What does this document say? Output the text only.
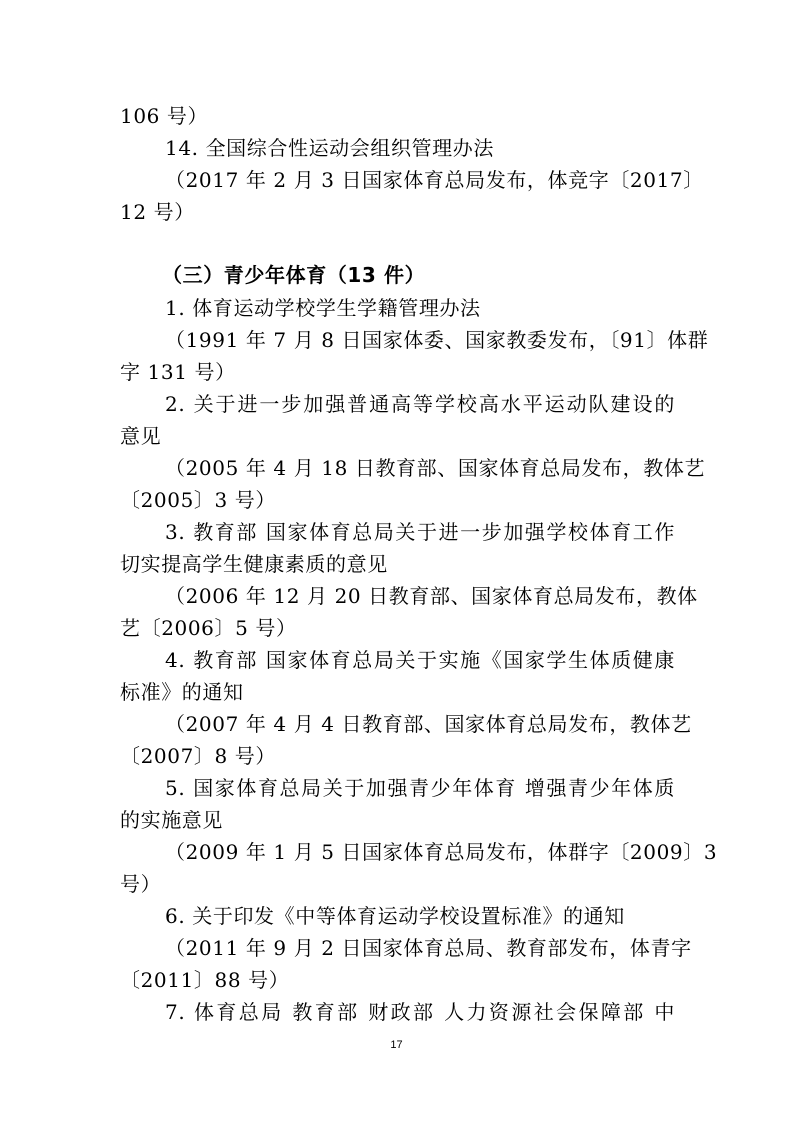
106 号）
14. 全国综合性运动会组织管理办法
（2017 年 2 月 3 日国家体育总局发布，体竞字〔2017〕
12 号）
（三）青少年体育（13 件）
1. 体育运动学校学生学籍管理办法
（1991 年 7 月 8 日国家体委、国家教委发布，〔91〕体群
字 131 号）
2. 关于进一步加强普通高等学校高水平运动队建设的
意见
（2005 年 4 月 18 日教育部、国家体育总局发布，教体艺
〔2005〕3 号）
3. 教育部 国家体育总局关于进一步加强学校体育工作
切实提高学生健康素质的意见
（2006 年 12 月 20 日教育部、国家体育总局发布，教体
艺〔2006〕5 号）
4. 教育部 国家体育总局关于实施《国家学生体质健康
标准》的通知
（2007 年 4 月 4 日教育部、国家体育总局发布，教体艺
〔2007〕8 号）
5. 国家体育总局关于加强青少年体育 增强青少年体质
的实施意见
（2009 年 1 月 5 日国家体育总局发布，体群字〔2009〕3
号）
6. 关于印发《中等体育运动学校设置标准》的通知
（2011 年 9 月 2 日国家体育总局、教育部发布，体青字
〔2011〕88 号）
7. 体育总局 教育部 财政部 人力资源社会保障部 中
17
